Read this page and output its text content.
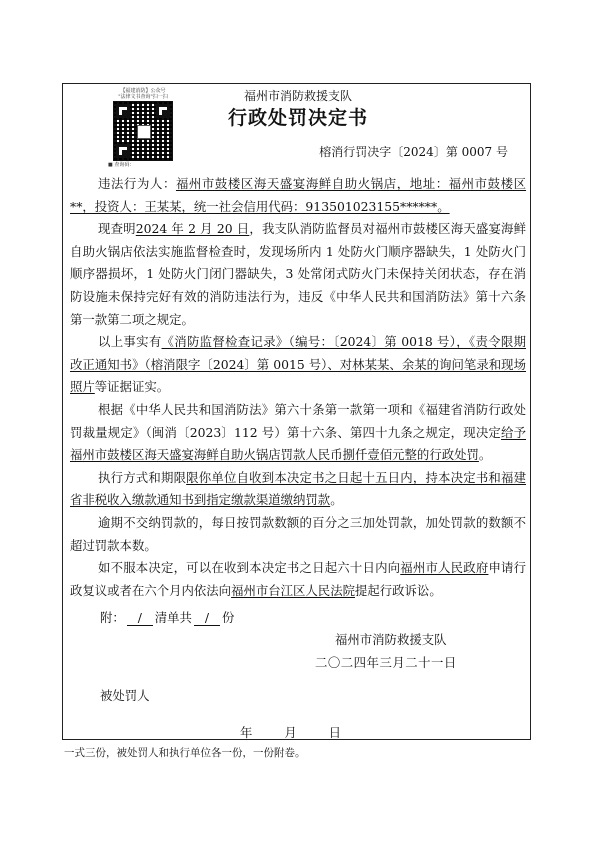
【福建消防】公众号
"法律文书查询"扫一扫
■ 查询码：
福州市消防救援支队
行政处罚决定书
榕消行罚决字〔2024〕第 0007 号

违法行为人：福州市鼓楼区海天盛宴海鲜自助火锅店，地址：福州市鼓楼区**，投资人：王某某，统一社会信用代码：913501023155******。

现查明2024 年 2 月 20 日，我支队消防监督员对福州市鼓楼区海天盛宴海鲜自助火锅店依法实施监督检查时，发现场所内 1 处防火门顺序器缺失，1 处防火门顺序器损坏，1 处防火门闭门器缺失，3 处常闭式防火门未保持关闭状态，存在消防设施未保持完好有效的消防违法行为，违反《中华人民共和国消防法》第十六条第一款第二项之规定。

以上事实有《消防监督检查记录》（编号：〔2024〕第 0018 号），《责令限期改正通知书》（榕消限字〔2024〕第 0015 号）、对林某某、余某的询问笔录和现场照片等证据证实。

根据《中华人民共和国消防法》第六十条第一款第一项和《福建省消防行政处罚裁量规定》（闽消〔2023〕112 号）第十六条、第四十九条之规定，现决定给予福州市鼓楼区海天盛宴海鲜自助火锅店罚款人民币捌仟壹佰元整的行政处罚。

执行方式和期限限你单位自收到本决定书之日起十五日内，持本决定书和福建省非税收入缴款通知书到指定缴款渠道缴纳罚款。

逾期不交纳罚款的，每日按罚款数额的百分之三加处罚款，加处罚款的数额不超过罚款本数。

如不服本决定，可以在收到本决定书之日起六十日内向福州市人民政府申请行政复议或者在六个月内依法向福州市台江区人民法院提起行政诉讼。

附： / 清单共 / 份
福州市消防救援支队
二〇二四年三月二十一日
被处罚人
年 月 日
一式三份，被处罚人和执行单位各一份，一份附卷。
